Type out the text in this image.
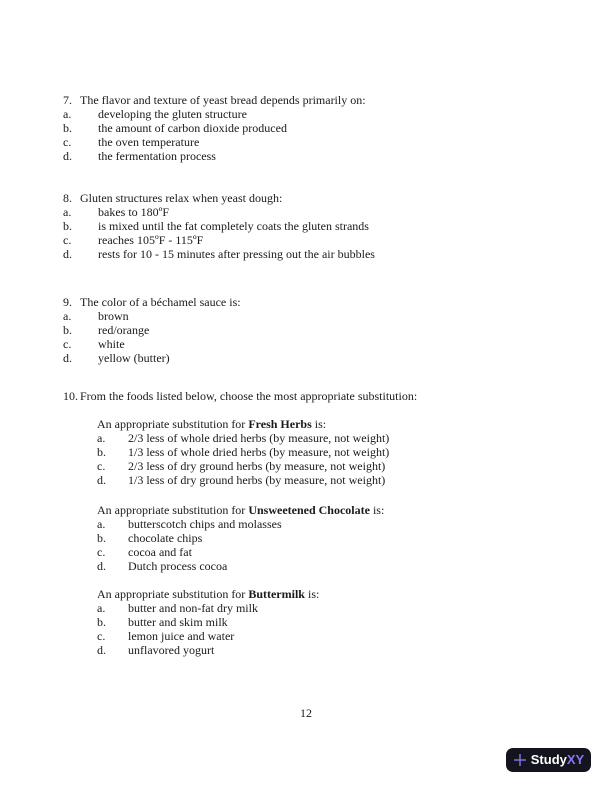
7. The flavor and texture of yeast bread depends primarily on:
a.	developing the gluten structure
b.	the amount of carbon dioxide produced
c.	the oven temperature
d.	the fermentation process
8. Gluten structures relax when yeast dough:
a.	bakes to 180ºF
b.	is mixed until the fat completely coats the gluten strands
c.	reaches 105ºF - 115ºF
d.	rests for 10 - 15 minutes after pressing out the air bubbles
9. The color of a béchamel sauce is:
a.	brown
b.	red/orange
c.	white
d.	yellow (butter)
10. From the foods listed below, choose the most appropriate substitution:
An appropriate substitution for Fresh Herbs is:
a.	2/3 less of whole dried herbs (by measure, not weight)
b.	1/3 less of whole dried herbs (by measure, not weight)
c.	2/3 less of dry ground herbs (by measure, not weight)
d.	1/3 less of dry ground herbs (by measure, not weight)
An appropriate substitution for Unsweetened Chocolate is:
a.	butterscotch chips and molasses
b.	chocolate chips
c.	cocoa and fat
d.	Dutch process cocoa
An appropriate substitution for Buttermilk is:
a.	butter and non-fat dry milk
b.	butter and skim milk
c.	lemon juice and water
d.	unflavored yogurt
12
Study XY
